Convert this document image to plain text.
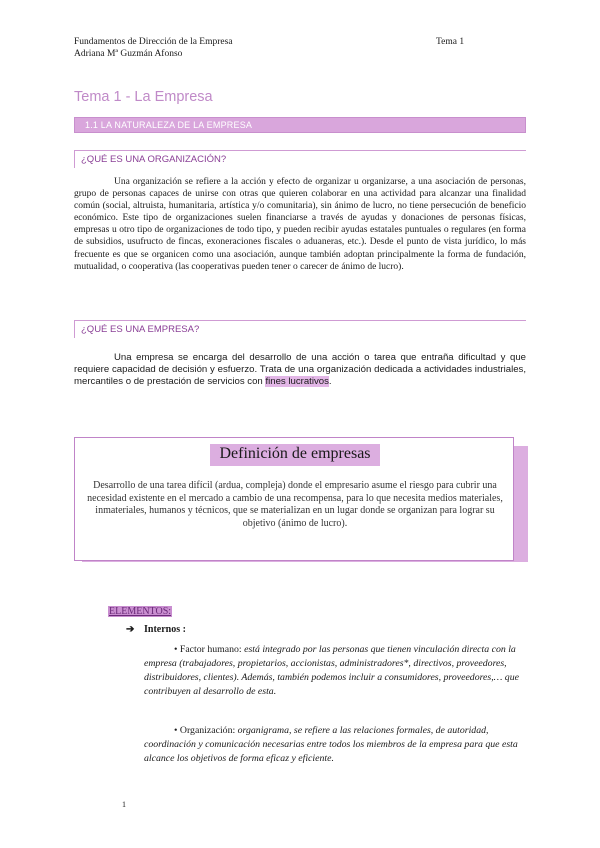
Fundamentos de Dirección de la Empresa
Adriana Mª Guzmán Afonso
Tema 1
Tema 1 - La Empresa
1.1 LA NATURALEZA DE LA EMPRESA
¿QUÉ ES UNA ORGANIZACIÓN?
Una organización se refiere a la acción y efecto de organizar u organizarse, a una asociación de personas, grupo de personas capaces de unirse con otras que quieren colaborar en una actividad para alcanzar una finalidad común (social, altruista, humanitaria, artística y/o comunitaria), sin ánimo de lucro, no tiene persecución de beneficio económico. Este tipo de organizaciones suelen financiarse a través de ayudas y donaciones de personas físicas, empresas u otro tipo de organizaciones de todo tipo, y pueden recibir ayudas estatales puntuales o regulares (en forma de subsidios, usufructo de fincas, exoneraciones fiscales o aduaneras, etc.). Desde el punto de vista jurídico, lo más frecuente es que se organicen como una asociación, aunque también adoptan principalmente la forma de fundación, mutualidad, o cooperativa (las cooperativas pueden tener o carecer de ánimo de lucro).
¿QUÉ ES UNA EMPRESA?
Una empresa se encarga del desarrollo de una acción o tarea que entraña dificultad y que requiere capacidad de decisión y esfuerzo. Trata de una organización dedicada a actividades industriales, mercantiles o de prestación de servicios con fines lucrativos.
Definición de empresas
Desarrollo de una tarea difícil (ardua, compleja) donde el empresario asume el riesgo para cubrir una necesidad existente en el mercado a cambio de una recompensa, para lo que necesita medios materiales, inmateriales, humanos y técnicos, que se materializan en un lugar donde se organizan para lograr su objetivo (ánimo de lucro).
ELEMENTOS:
➔ Internos :
• Factor humano: está integrado por las personas que tienen vinculación directa con la empresa (trabajadores, propietarios, accionistas, administradores*, directivos, proveedores, distribuidores, clientes). Además, también podemos incluir a consumidores, proveedores,… que contribuyen al desarrollo de esta.
• Organización: organigrama, se refiere a las relaciones formales, de autoridad, coordinación y comunicación necesarias entre todos los miembros de la empresa para que esta alcance los objetivos de forma eficaz y eficiente.
1
